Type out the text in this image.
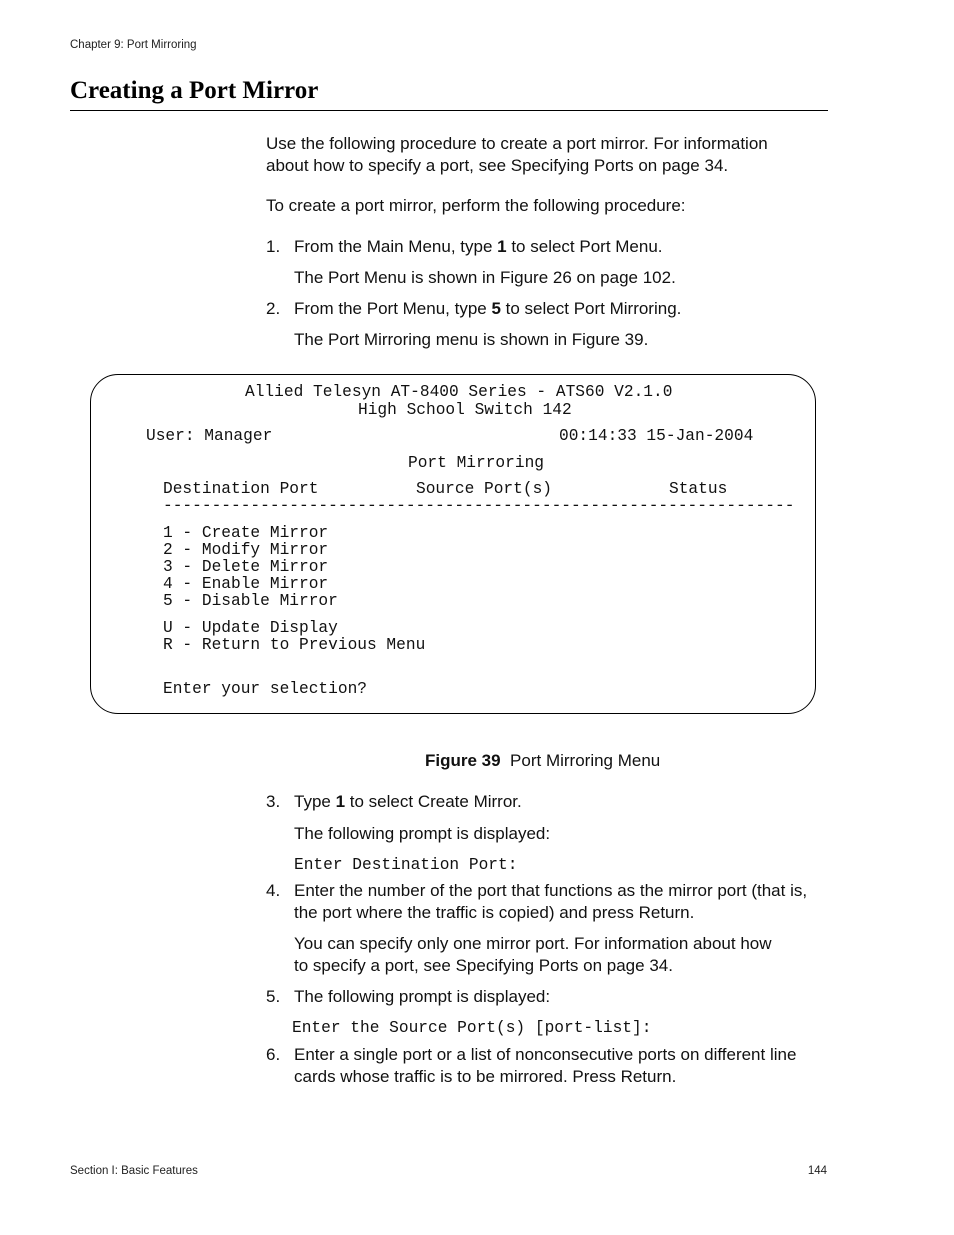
Chapter 9: Port Mirroring
Creating a Port Mirror
Use the following procedure to create a port mirror. For information
about how to specify a port, see Specifying Ports on page 34.
To create a port mirror, perform the following procedure:
1. From the Main Menu, type 1 to select Port Menu.
The Port Menu is shown in Figure 26 on page 102.
2. From the Port Menu, type 5 to select Port Mirroring.
The Port Mirroring menu is shown in Figure 39.
Allied Telesyn AT-8400 Series - ATS60 V2.1.0
High School Switch 142
User: Manager	00:14:33 15-Jan-2004
Port Mirroring
Destination Port	Source Port(s)	Status
-----------------------------------------------------------------
1 - Create Mirror
2 - Modify Mirror
3 - Delete Mirror
4 - Enable Mirror
5 - Disable Mirror
U - Update Display
R - Return to Previous Menu
Enter your selection?
Figure 39 Port Mirroring Menu
3. Type 1 to select Create Mirror.
The following prompt is displayed:
Enter Destination Port:
4. Enter the number of the port that functions as the mirror port (that is,
the port where the traffic is copied) and press Return.
You can specify only one mirror port. For information about how
to specify a port, see Specifying Ports on page 34.
5. The following prompt is displayed:
Enter the Source Port(s) [port-list]:
6. Enter a single port or a list of nonconsecutive ports on different line
cards whose traffic is to be mirrored. Press Return.
Section I: Basic Features	144
